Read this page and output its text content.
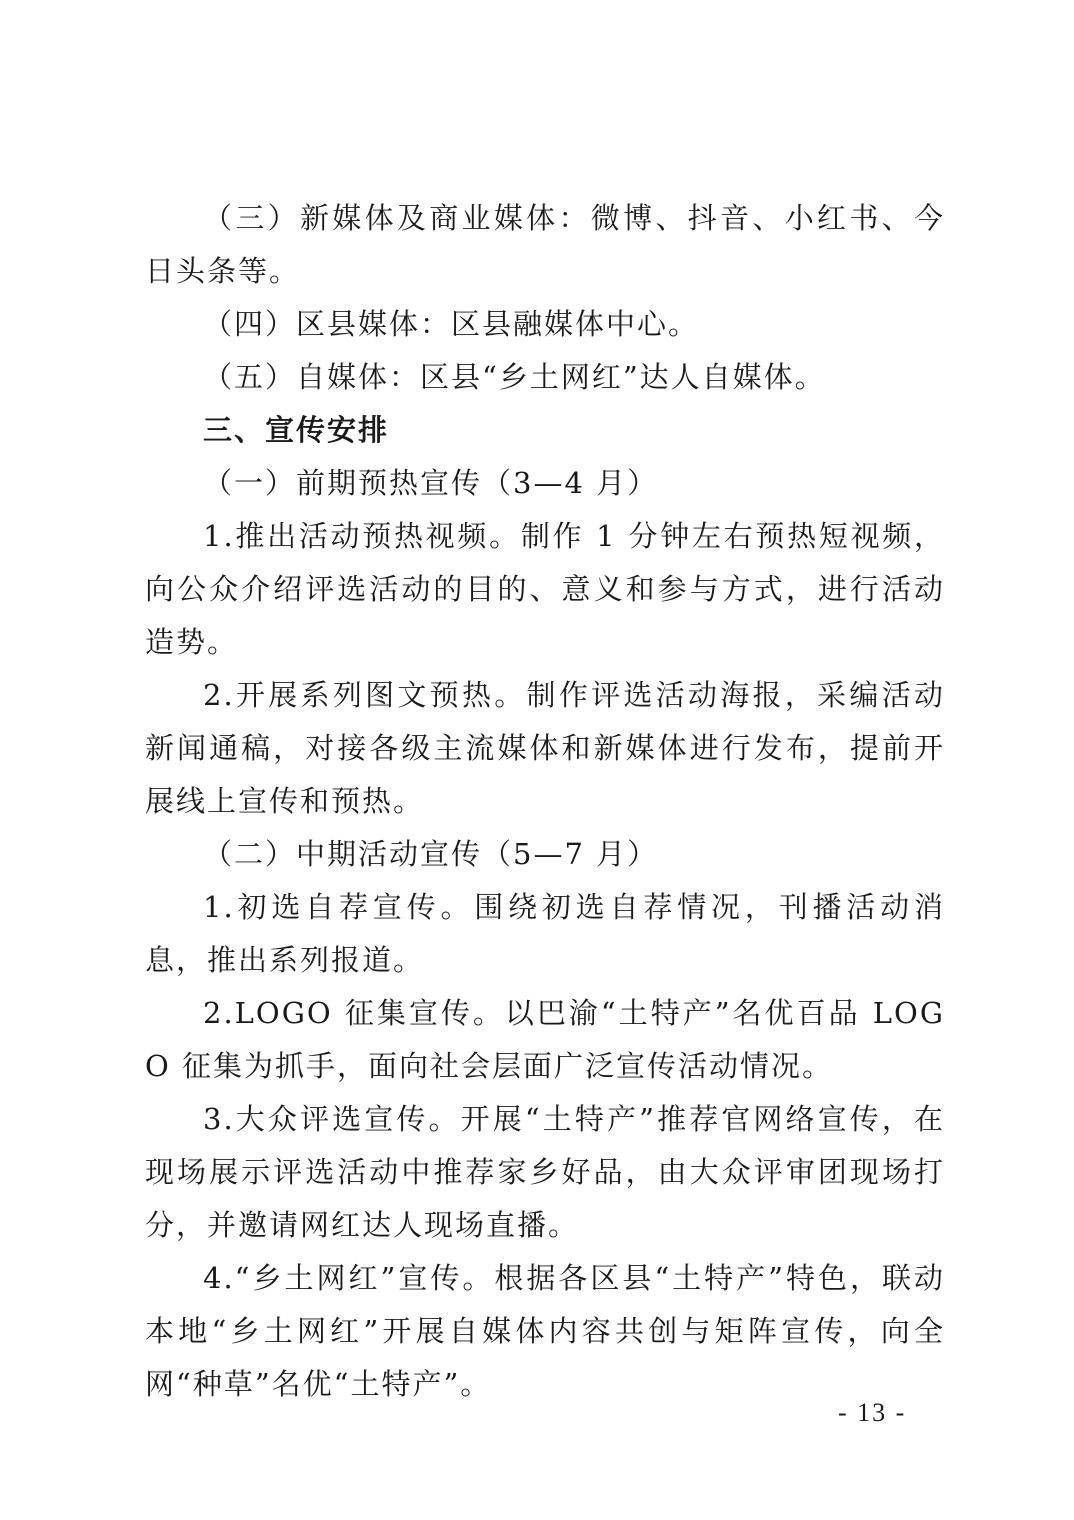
（三）新媒体及商业媒体：微博、抖音、小红书、今日头条等。

（四）区县媒体：区县融媒体中心。

（五）自媒体：区县“乡土网红”达人自媒体。

三、宣传安排

（一）前期预热宣传（3—4 月）

1.推出活动预热视频。制作 1 分钟左右预热短视频，向公众介绍评选活动的目的、意义和参与方式，进行活动造势。

2.开展系列图文预热。制作评选活动海报，采编活动新闻通稿，对接各级主流媒体和新媒体进行发布，提前开展线上宣传和预热。

（二）中期活动宣传（5—7 月）

1.初选自荐宣传。围绕初选自荐情况，刊播活动消息，推出系列报道。

2.LOGO 征集宣传。以巴渝“土特产”名优百品 LOGO 征集为抓手，面向社会层面广泛宣传活动情况。

3.大众评选宣传。开展“土特产”推荐官网络宣传，在现场展示评选活动中推荐家乡好品，由大众评审团现场打分，并邀请网红达人现场直播。

4.“乡土网红”宣传。根据各区县“土特产”特色，联动本地“乡土网红”开展自媒体内容共创与矩阵宣传，向全网“种草”名优“土特产”。

- 13 -
